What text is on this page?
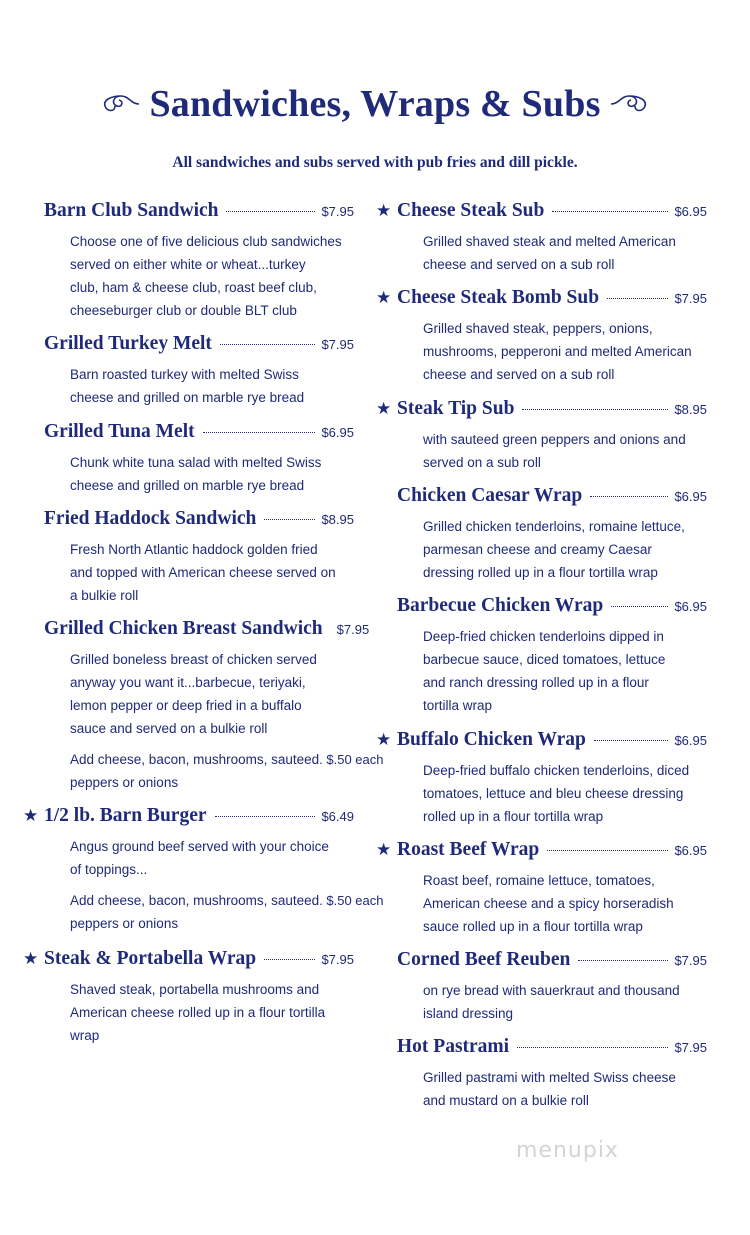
Sandwiches, Wraps & Subs
All sandwiches and subs served with pub fries and dill pickle.
Barn Club Sandwich	$7.95
Choose one of five delicious club sandwiches
served on either white or wheat...turkey
club, ham & cheese club, roast beef club,
cheeseburger club or double BLT club
Grilled Turkey Melt	$7.95
Barn roasted turkey with melted Swiss
cheese and grilled on marble rye bread
Grilled Tuna Melt	$6.95
Chunk white tuna salad with melted Swiss
cheese and grilled on marble rye bread
Fried Haddock Sandwich	$8.95
Fresh North Atlantic haddock golden fried
and topped with American cheese served on
a bulkie roll
Grilled Chicken Breast Sandwich $7.95
Grilled boneless breast of chicken served
anyway you want it...barbecue, teriyaki,
lemon pepper or deep fried in a buffalo
sauce and served on a bulkie roll
Add cheese, bacon, mushrooms, sauteed
peppers or onions
. $.50 each
★ 1/2 lb. Barn Burger	$6.49
Angus ground beef served with your choice
of toppings...
Add cheese, bacon, mushrooms, sauteed
peppers or onions
. $.50 each
★ Steak & Portabella Wrap	$7.95
Shaved steak, portabella mushrooms and
American cheese rolled up in a flour tortilla
wrap
★ Cheese Steak Sub	$6.95
Grilled shaved steak and melted American
cheese and served on a sub roll
★ Cheese Steak Bomb Sub	$7.95
Grilled shaved steak, peppers, onions,
mushrooms, pepperoni and melted American
cheese and served on a sub roll
★ Steak Tip Sub	$8.95
with sauteed green peppers and onions and
served on a sub roll
Chicken Caesar Wrap	$6.95
Grilled chicken tenderloins, romaine lettuce,
parmesan cheese and creamy Caesar
dressing rolled up in a flour tortilla wrap
Barbecue Chicken Wrap	$6.95
Deep-fried chicken tenderloins dipped in
barbecue sauce, diced tomatoes, lettuce
and ranch dressing rolled up in a flour
tortilla wrap
★ Buffalo Chicken Wrap	$6.95
Deep-fried buffalo chicken tenderloins, diced
tomatoes, lettuce and bleu cheese dressing
rolled up in a flour tortilla wrap
★ Roast Beef Wrap	$6.95
Roast beef, romaine lettuce, tomatoes,
American cheese and a spicy horseradish
sauce rolled up in a flour tortilla wrap
Corned Beef Reuben	$7.95
on rye bread with sauerkraut and thousand
island dressing
Hot Pastrami	$7.95
Grilled pastrami with melted Swiss cheese
and mustard on a bulkie roll
menupix
